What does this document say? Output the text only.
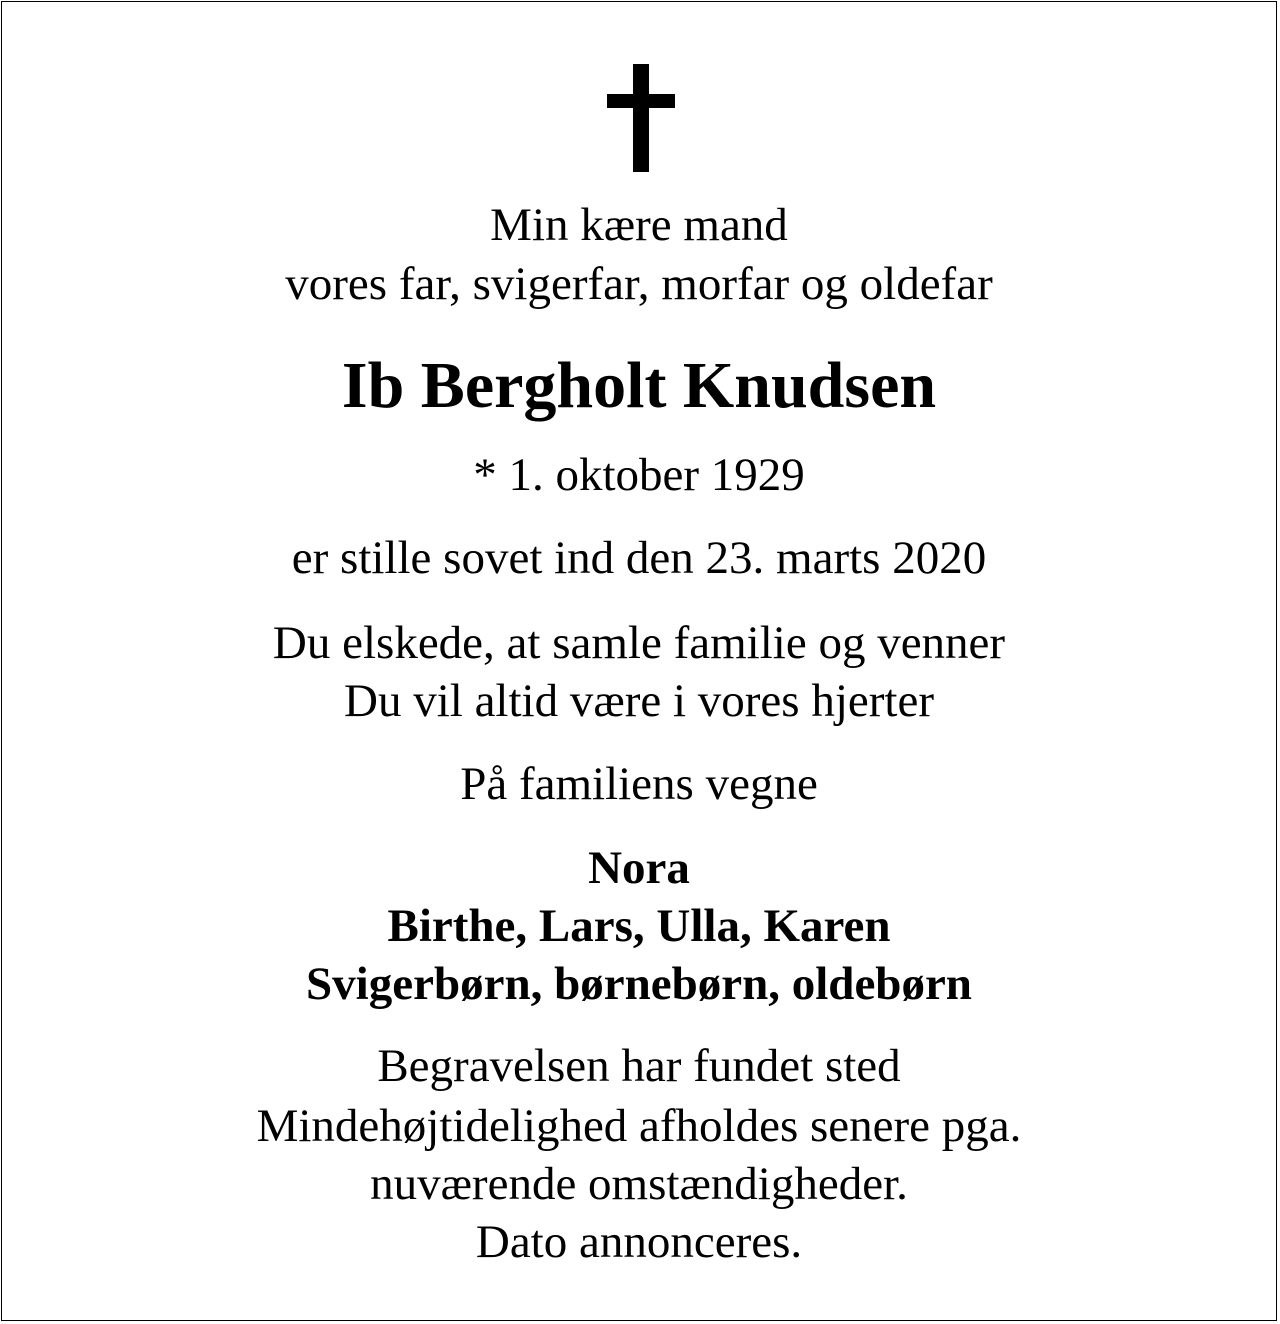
Min kære mand
vores far, svigerfar, morfar og oldefar
Ib Bergholt Knudsen
* 1. oktober 1929
er stille sovet ind den 23. marts 2020
Du elskede, at samle familie og venner
Du vil altid være i vores hjerter
På familiens vegne
Nora
Birthe, Lars, Ulla, Karen
Svigerbørn, børnebørn, oldebørn
Begravelsen har fundet sted
Mindehøjtidelighed afholdes senere pga.
nuværende omstændigheder.
Dato annonceres.
